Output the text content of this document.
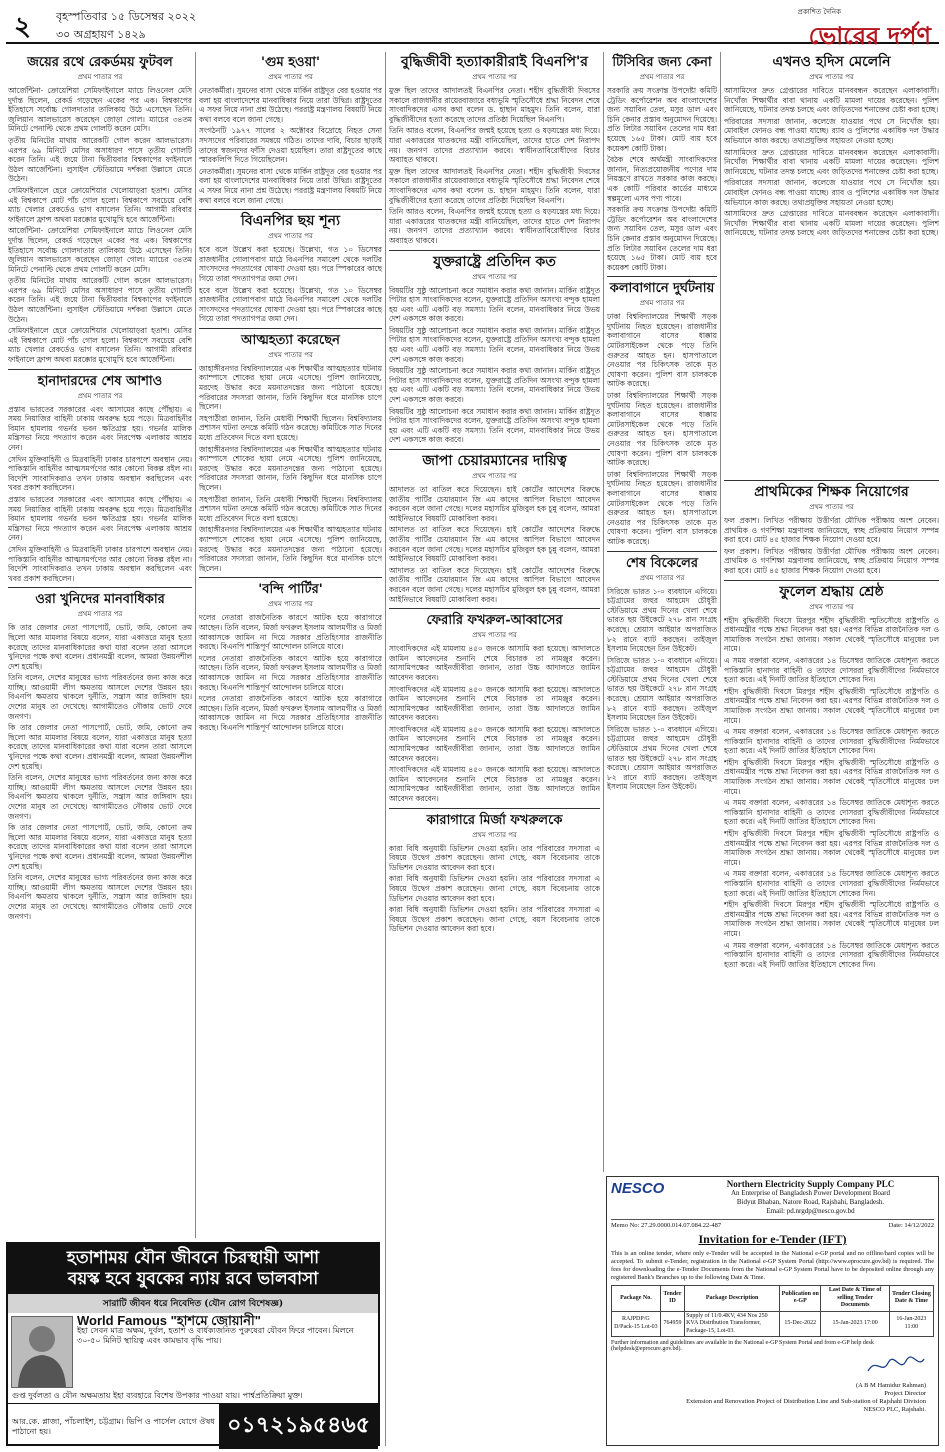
২ বৃহস্পতিবার ১৫ ডিসেম্বর ২০২২
৩০ অগ্রহায়ণ ১৪২৯
প্রকাশিত দৈনিক
ভোরের দর্পণ
জয়ের রথে রেকর্ডময় ফুটবল
প্রথম পাতার পর

আর্জেন্টিনা- ক্রোয়েশিয়া সেমিফাইনালে ম্যাচে লিওনেল মেসি দুর্দান্ত ছিলেন, রেকর্ড গড়েছেন একের পর এক। বিশ্বকাপের ইতিহাসে সর্বোচ্চ গোলদাতার তালিকায় উঠে এসেছেন তিনি। জুলিয়ান আলভারেস করেছেন জোড়া গোল। ম্যাচের ৩৪তম মিনিটে পেনাল্টি থেকে প্রথম গোলটি করেন মেসি।

তৃতীয় মিনিটের মাথায় আরেকটি গোল করেন আলভারেস। এরপর ৬৯ মিনিটে মেসির অসাধারণ পাসে তৃতীয় গোলটি করেন তিনি। এই জয়ে টানা দ্বিতীয়বার বিশ্বকাপের ফাইনালে উঠল আর্জেন্টিনা। লুসাইল স্টেডিয়ামে দর্শকরা উল্লাসে মেতে উঠেন।

সেমিফাইনালে হেরে ক্রোয়েশিয়ার খেলোয়াড়রা হতাশ। মেসির এই বিশ্বকাপে মোট পাঁচ গোল হলো। বিশ্বকাপে সবচেয়ে বেশি ম্যাচ খেলার রেকর্ডেও ভাগ বসালেন তিনি। আগামী রবিবার ফাইনালে ফ্রান্স অথবা মরক্কোর মুখোমুখি হবে আর্জেন্টিনা।

আর্জেন্টিনা- ক্রোয়েশিয়া সেমিফাইনালে ম্যাচে লিওনেল মেসি দুর্দান্ত ছিলেন, রেকর্ড গড়েছেন একের পর এক। বিশ্বকাপের ইতিহাসে সর্বোচ্চ গোলদাতার তালিকায় উঠে এসেছেন তিনি। জুলিয়ান আলভারেস করেছেন জোড়া গোল। ম্যাচের ৩৪তম মিনিটে পেনাল্টি থেকে প্রথম গোলটি করেন মেসি।

তৃতীয় মিনিটের মাথায় আরেকটি গোল করেন আলভারেস। এরপর ৬৯ মিনিটে মেসির অসাধারণ পাসে তৃতীয় গোলটি করেন তিনি। এই জয়ে টানা দ্বিতীয়বার বিশ্বকাপের ফাইনালে উঠল আর্জেন্টিনা। লুসাইল স্টেডিয়ামে দর্শকরা উল্লাসে মেতে উঠেন।

সেমিফাইনালে হেরে ক্রোয়েশিয়ার খেলোয়াড়রা হতাশ। মেসির এই বিশ্বকাপে মোট পাঁচ গোল হলো। বিশ্বকাপে সবচেয়ে বেশি ম্যাচ খেলার রেকর্ডেও ভাগ বসালেন তিনি। আগামী রবিবার ফাইনালে ফ্রান্স অথবা মরক্কোর মুখোমুখি হবে আর্জেন্টিনা।

হানাদারদের শেষ আশাও
প্রথম পাতার পর

প্রস্তাব ভারতের সরকারের এবং আসামের কাছে পৌঁছায়। এ সময় নিয়াজির বাহিনী ঢাকায় অবরুদ্ধ হয়ে পড়ে। মিত্রবাহিনীর বিমান হামলায় গভর্নর ভবন ক্ষতিগ্রস্ত হয়। গভর্নর মালিক মন্ত্রিসভা নিয়ে পদত্যাগ করেন এবং নিরপেক্ষ এলাকায় আশ্রয় নেন।

সেদিন মুক্তিবাহিনী ও মিত্রবাহিনী ঢাকার চারপাশে অবস্থান নেয়। পাকিস্তানি বাহিনীর আত্মসমর্পণের আর কোনো বিকল্প রইল না। বিদেশি সাংবাদিকরাও তখন ঢাকায় অবস্থান করছিলেন এবং খবর প্রকাশ করছিলেন।

প্রস্তাব ভারতের সরকারের এবং আসামের কাছে পৌঁছায়। এ সময় নিয়াজির বাহিনী ঢাকায় অবরুদ্ধ হয়ে পড়ে। মিত্রবাহিনীর বিমান হামলায় গভর্নর ভবন ক্ষতিগ্রস্ত হয়। গভর্নর মালিক মন্ত্রিসভা নিয়ে পদত্যাগ করেন এবং নিরপেক্ষ এলাকায় আশ্রয় নেন।

সেদিন মুক্তিবাহিনী ও মিত্রবাহিনী ঢাকার চারপাশে অবস্থান নেয়। পাকিস্তানি বাহিনীর আত্মসমর্পণের আর কোনো বিকল্প রইল না। বিদেশি সাংবাদিকরাও তখন ঢাকায় অবস্থান করছিলেন এবং খবর প্রকাশ করছিলেন।

ওরা খুনিদের মানবাধিকার
প্রথম পাতার পর

কি তার জেলার নেতা পাসপোর্ট, ভোট, জমি, কোনো ক্রম ছিলো আর মামলার বিষয়ে বলেন, যারা একাত্তরে মানুষ হত্যা করেছে তাদের মানবাধিকারের কথা যারা বলেন তারা আসলে খুনিদের পক্ষে কথা বলেন। প্রধানমন্ত্রী বলেন, আমরা উন্নয়নশীল দেশ হয়েছি।

তিনি বলেন, দেশের মানুষের ভাগ্য পরিবর্তনের জন্য কাজ করে যাচ্ছি। আওয়ামী লীগ ক্ষমতায় আসলে দেশের উন্নয়ন হয়। বিএনপি ক্ষমতায় থাকলে দুর্নীতি, সন্ত্রাস আর জঙ্গিবাদ হয়। দেশের মানুষ তা দেখেছে। আগামীতেও নৌকায় ভোট দেবে জনগণ।

কি তার জেলার নেতা পাসপোর্ট, ভোট, জমি, কোনো ক্রম ছিলো আর মামলার বিষয়ে বলেন, যারা একাত্তরে মানুষ হত্যা করেছে তাদের মানবাধিকারের কথা যারা বলেন তারা আসলে খুনিদের পক্ষে কথা বলেন। প্রধানমন্ত্রী বলেন, আমরা উন্নয়নশীল দেশ হয়েছি।

তিনি বলেন, দেশের মানুষের ভাগ্য পরিবর্তনের জন্য কাজ করে যাচ্ছি। আওয়ামী লীগ ক্ষমতায় আসলে দেশের উন্নয়ন হয়। বিএনপি ক্ষমতায় থাকলে দুর্নীতি, সন্ত্রাস আর জঙ্গিবাদ হয়। দেশের মানুষ তা দেখেছে। আগামীতেও নৌকায় ভোট দেবে জনগণ।

কি তার জেলার নেতা পাসপোর্ট, ভোট, জমি, কোনো ক্রম ছিলো আর মামলার বিষয়ে বলেন, যারা একাত্তরে মানুষ হত্যা করেছে তাদের মানবাধিকারের কথা যারা বলেন তারা আসলে খুনিদের পক্ষে কথা বলেন। প্রধানমন্ত্রী বলেন, আমরা উন্নয়নশীল দেশ হয়েছি।

তিনি বলেন, দেশের মানুষের ভাগ্য পরিবর্তনের জন্য কাজ করে যাচ্ছি। আওয়ামী লীগ ক্ষমতায় আসলে দেশের উন্নয়ন হয়। বিএনপি ক্ষমতায় থাকলে দুর্নীতি, সন্ত্রাস আর জঙ্গিবাদ হয়। দেশের মানুষ তা দেখেছে। আগামীতেও নৌকায় ভোট দেবে জনগণ।

'গুম হওয়া'
প্রথম পাতার পর

নেতাকর্মীরা। সুমনের বাসা থেকে মার্কিন রাষ্ট্রদূত বের হওয়ার পর বলা হয় বাংলাদেশের মানবাধিকার নিয়ে তারা উদ্বিগ্ন। রাষ্ট্রদূতের এ সফর নিয়ে নানা প্রশ্ন উঠেছে। পররাষ্ট্র মন্ত্রণালয় বিষয়টি নিয়ে কথা বলবে বলে জানা গেছে।

সংগঠনটি ১৯৭৭ সালের ২ অক্টোবর বিদ্রোহে নিহত সেনা সদস্যদের পরিবারের সমন্বয়ে গঠিত। তাদের দাবি, বিচার ছাড়াই তাদের স্বজনদের ফাঁসি দেওয়া হয়েছিল। তারা রাষ্ট্রদূতের কাছে স্মারকলিপি দিতে গিয়েছিলেন।

নেতাকর্মীরা। সুমনের বাসা থেকে মার্কিন রাষ্ট্রদূত বের হওয়ার পর বলা হয় বাংলাদেশের মানবাধিকার নিয়ে তারা উদ্বিগ্ন। রাষ্ট্রদূতের এ সফর নিয়ে নানা প্রশ্ন উঠেছে। পররাষ্ট্র মন্ত্রণালয় বিষয়টি নিয়ে কথা বলবে বলে জানা গেছে।

বিএনপির ছয় শূন্য
প্রথম পাতার পর

হবে বলে উল্লেখ করা হয়েছে। উল্লেখ্য, গত ১০ ডিসেম্বর রাজধানীর গোলাপবাগ মাঠে বিএনপির সমাবেশ থেকে দলটির সাংসদদের পদত্যাগের ঘোষণা দেওয়া হয়। পরে স্পিকারের কাছে গিয়ে তারা পদত্যাগপত্র জমা দেন।

হবে বলে উল্লেখ করা হয়েছে। উল্লেখ্য, গত ১০ ডিসেম্বর রাজধানীর গোলাপবাগ মাঠে বিএনপির সমাবেশ থেকে দলটির সাংসদদের পদত্যাগের ঘোষণা দেওয়া হয়। পরে স্পিকারের কাছে গিয়ে তারা পদত্যাগপত্র জমা দেন।

আত্মহত্যা করেছেন
প্রথম পাতার পর

জাহাঙ্গীরনগর বিশ্ববিদ্যালয়ের এক শিক্ষার্থীর আত্মহত্যার ঘটনায় ক্যাম্পাসে শোকের ছায়া নেমে এসেছে। পুলিশ জানিয়েছে, মরদেহ উদ্ধার করে ময়নাতদন্তের জন্য পাঠানো হয়েছে। পরিবারের সদস্যরা জানান, তিনি কিছুদিন ধরে মানসিক চাপে ছিলেন।

সহপাঠীরা জানান, তিনি মেধাবী শিক্ষার্থী ছিলেন। বিশ্ববিদ্যালয় প্রশাসন ঘটনা তদন্তে কমিটি গঠন করেছে। কমিটিকে সাত দিনের মধ্যে প্রতিবেদন দিতে বলা হয়েছে।

জাহাঙ্গীরনগর বিশ্ববিদ্যালয়ের এক শিক্ষার্থীর আত্মহত্যার ঘটনায় ক্যাম্পাসে শোকের ছায়া নেমে এসেছে। পুলিশ জানিয়েছে, মরদেহ উদ্ধার করে ময়নাতদন্তের জন্য পাঠানো হয়েছে। পরিবারের সদস্যরা জানান, তিনি কিছুদিন ধরে মানসিক চাপে ছিলেন।

সহপাঠীরা জানান, তিনি মেধাবী শিক্ষার্থী ছিলেন। বিশ্ববিদ্যালয় প্রশাসন ঘটনা তদন্তে কমিটি গঠন করেছে। কমিটিকে সাত দিনের মধ্যে প্রতিবেদন দিতে বলা হয়েছে।

জাহাঙ্গীরনগর বিশ্ববিদ্যালয়ের এক শিক্ষার্থীর আত্মহত্যার ঘটনায় ক্যাম্পাসে শোকের ছায়া নেমে এসেছে। পুলিশ জানিয়েছে, মরদেহ উদ্ধার করে ময়নাতদন্তের জন্য পাঠানো হয়েছে। পরিবারের সদস্যরা জানান, তিনি কিছুদিন ধরে মানসিক চাপে ছিলেন।

'বন্দি পার্টির'
প্রথম পাতার পর

দলের নেতারা রাজনৈতিক কারণে আটক হয়ে কারাগারে আছেন। তিনি বলেন, মির্জা ফখরুল ইসলাম আলমগীর ও মির্জা আব্বাসকে জামিন না দিয়ে সরকার প্রতিহিংসার রাজনীতি করছে। বিএনপি শান্তিপূর্ণ আন্দোলন চালিয়ে যাবে।

দলের নেতারা রাজনৈতিক কারণে আটক হয়ে কারাগারে আছেন। তিনি বলেন, মির্জা ফখরুল ইসলাম আলমগীর ও মির্জা আব্বাসকে জামিন না দিয়ে সরকার প্রতিহিংসার রাজনীতি করছে। বিএনপি শান্তিপূর্ণ আন্দোলন চালিয়ে যাবে।

দলের নেতারা রাজনৈতিক কারণে আটক হয়ে কারাগারে আছেন। তিনি বলেন, মির্জা ফখরুল ইসলাম আলমগীর ও মির্জা আব্বাসকে জামিন না দিয়ে সরকার প্রতিহিংসার রাজনীতি করছে। বিএনপি শান্তিপূর্ণ আন্দোলন চালিয়ে যাবে।

বুদ্ধিজীবী হত্যাকারীরাই বিএনপি'র
প্রথম পাতার পর

মুক্ত ছিল তাদের আদালতই বিএনপির নেতা। শহীদ বুদ্ধিজীবী দিবসের সকালে রাজধানীর রায়েরবাজারে বধ্যভূমি স্মৃতিসৌধে শ্রদ্ধা নিবেদন শেষে সাংবাদিকদের এসব কথা বলেন ড. হাছান মাহমুদ। তিনি বলেন, যারা বুদ্ধিজীবীদের হত্যা করেছে তাদের প্রতিষ্ঠা দিয়েছিল বিএনপি।

তিনি আরও বলেন, বিএনপির জন্মই হয়েছে হত্যা ও ষড়যন্ত্রের মধ্য দিয়ে। যারা একাত্তরের ঘাতকদের মন্ত্রী বানিয়েছিল, তাদের হাতে দেশ নিরাপদ নয়। জনগণ তাদের প্রত্যাখ্যান করবে। স্বাধীনতাবিরোধীদের বিচার অব্যাহত থাকবে।

মুক্ত ছিল তাদের আদালতই বিএনপির নেতা। শহীদ বুদ্ধিজীবী দিবসের সকালে রাজধানীর রায়েরবাজারে বধ্যভূমি স্মৃতিসৌধে শ্রদ্ধা নিবেদন শেষে সাংবাদিকদের এসব কথা বলেন ড. হাছান মাহমুদ। তিনি বলেন, যারা বুদ্ধিজীবীদের হত্যা করেছে তাদের প্রতিষ্ঠা দিয়েছিল বিএনপি।

তিনি আরও বলেন, বিএনপির জন্মই হয়েছে হত্যা ও ষড়যন্ত্রের মধ্য দিয়ে। যারা একাত্তরের ঘাতকদের মন্ত্রী বানিয়েছিল, তাদের হাতে দেশ নিরাপদ নয়। জনগণ তাদের প্রত্যাখ্যান করবে। স্বাধীনতাবিরোধীদের বিচার অব্যাহত থাকবে।

যুক্তরাষ্ট্রে প্রতিদিন কত
প্রথম পাতার পর

বিষয়টির সুষ্ঠু আলোচনা করে সমাধান করার কথা জানান। মার্কিন রাষ্ট্রদূত পিটার হাস সাংবাদিকদের বলেন, যুক্তরাষ্ট্রে প্রতিদিন অসংখ্য বন্দুক হামলা হয় এবং এটি একটি বড় সমস্যা। তিনি বলেন, মানবাধিকার নিয়ে উভয় দেশ একসঙ্গে কাজ করবে।

বিষয়টির সুষ্ঠু আলোচনা করে সমাধান করার কথা জানান। মার্কিন রাষ্ট্রদূত পিটার হাস সাংবাদিকদের বলেন, যুক্তরাষ্ট্রে প্রতিদিন অসংখ্য বন্দুক হামলা হয় এবং এটি একটি বড় সমস্যা। তিনি বলেন, মানবাধিকার নিয়ে উভয় দেশ একসঙ্গে কাজ করবে।

বিষয়টির সুষ্ঠু আলোচনা করে সমাধান করার কথা জানান। মার্কিন রাষ্ট্রদূত পিটার হাস সাংবাদিকদের বলেন, যুক্তরাষ্ট্রে প্রতিদিন অসংখ্য বন্দুক হামলা হয় এবং এটি একটি বড় সমস্যা। তিনি বলেন, মানবাধিকার নিয়ে উভয় দেশ একসঙ্গে কাজ করবে।

বিষয়টির সুষ্ঠু আলোচনা করে সমাধান করার কথা জানান। মার্কিন রাষ্ট্রদূত পিটার হাস সাংবাদিকদের বলেন, যুক্তরাষ্ট্রে প্রতিদিন অসংখ্য বন্দুক হামলা হয় এবং এটি একটি বড় সমস্যা। তিনি বলেন, মানবাধিকার নিয়ে উভয় দেশ একসঙ্গে কাজ করবে।

জাপা চেয়ারম্যানের দায়িত্ব
প্রথম পাতার পর

আদালত তা বাতিল করে দিয়েছেন। হাই কোর্টের আদেশের বিরুদ্ধে জাতীয় পার্টির চেয়ারম্যান জি এম কাদের আপিল বিভাগে আবেদন করবেন বলে জানা গেছে। দলের মহাসচিব মুজিবুল হক চুন্নু বলেন, আমরা আইনিভাবে বিষয়টি মোকাবিলা করব।

আদালত তা বাতিল করে দিয়েছেন। হাই কোর্টের আদেশের বিরুদ্ধে জাতীয় পার্টির চেয়ারম্যান জি এম কাদের আপিল বিভাগে আবেদন করবেন বলে জানা গেছে। দলের মহাসচিব মুজিবুল হক চুন্নু বলেন, আমরা আইনিভাবে বিষয়টি মোকাবিলা করব।

আদালত তা বাতিল করে দিয়েছেন। হাই কোর্টের আদেশের বিরুদ্ধে জাতীয় পার্টির চেয়ারম্যান জি এম কাদের আপিল বিভাগে আবেদন করবেন বলে জানা গেছে। দলের মহাসচিব মুজিবুল হক চুন্নু বলেন, আমরা আইনিভাবে বিষয়টি মোকাবিলা করব।

ফেরারি ফখরুল-আব্বাসের
প্রথম পাতার পর

সাংবাদিকদের এই মামলায় ৪৫০ জনকে আসামি করা হয়েছে। আদালতে জামিন আবেদনের শুনানি শেষে বিচারক তা নামঞ্জুর করেন। আসামিপক্ষের আইনজীবীরা জানান, তারা উচ্চ আদালতে জামিন আবেদন করবেন।

সাংবাদিকদের এই মামলায় ৪৫০ জনকে আসামি করা হয়েছে। আদালতে জামিন আবেদনের শুনানি শেষে বিচারক তা নামঞ্জুর করেন। আসামিপক্ষের আইনজীবীরা জানান, তারা উচ্চ আদালতে জামিন আবেদন করবেন।

সাংবাদিকদের এই মামলায় ৪৫০ জনকে আসামি করা হয়েছে। আদালতে জামিন আবেদনের শুনানি শেষে বিচারক তা নামঞ্জুর করেন। আসামিপক্ষের আইনজীবীরা জানান, তারা উচ্চ আদালতে জামিন আবেদন করবেন।

সাংবাদিকদের এই মামলায় ৪৫০ জনকে আসামি করা হয়েছে। আদালতে জামিন আবেদনের শুনানি শেষে বিচারক তা নামঞ্জুর করেন। আসামিপক্ষের আইনজীবীরা জানান, তারা উচ্চ আদালতে জামিন আবেদন করবেন।

কারাগারে মির্জা ফখরুলকে
প্রথম পাতার পর

কারা বিধি অনুযায়ী ডিভিশন দেওয়া হয়নি। তার পরিবারের সদস্যরা এ বিষয়ে উদ্বেগ প্রকাশ করেছেন। জানা গেছে, বয়স বিবেচনায় তাকে ডিভিশন দেওয়ার আবেদন করা হবে।

কারা বিধি অনুযায়ী ডিভিশন দেওয়া হয়নি। তার পরিবারের সদস্যরা এ বিষয়ে উদ্বেগ প্রকাশ করেছেন। জানা গেছে, বয়স বিবেচনায় তাকে ডিভিশন দেওয়ার আবেদন করা হবে।

কারা বিধি অনুযায়ী ডিভিশন দেওয়া হয়নি। তার পরিবারের সদস্যরা এ বিষয়ে উদ্বেগ প্রকাশ করেছেন। জানা গেছে, বয়স বিবেচনায় তাকে ডিভিশন দেওয়ার আবেদন করা হবে।

টিসিবির জন্য কেনা
প্রথম পাতার পর

সরকারি ক্রয় সংক্রান্ত উপদেষ্টা কমিটি ট্রেডিং কর্পোরেশন অব বাংলাদেশের জন্য সয়াবিন তেল, মসুর ডাল এবং চিনি কেনার প্রস্তাব অনুমোদন দিয়েছে। প্রতি লিটার সয়াবিন তেলের দাম ধরা হয়েছে ১৬৫ টাকা। মোট ব্যয় হবে কয়েকশ কোটি টাকা।

বৈঠক শেষে অর্থমন্ত্রী সাংবাদিকদের জানান, নিত্যপ্রয়োজনীয় পণ্যের দাম নিয়ন্ত্রণে রাখতে সরকার কাজ করছে। এক কোটি পরিবার কার্ডের মাধ্যমে স্বল্পমূল্যে এসব পণ্য পাবে।

সরকারি ক্রয় সংক্রান্ত উপদেষ্টা কমিটি ট্রেডিং কর্পোরেশন অব বাংলাদেশের জন্য সয়াবিন তেল, মসুর ডাল এবং চিনি কেনার প্রস্তাব অনুমোদন দিয়েছে। প্রতি লিটার সয়াবিন তেলের দাম ধরা হয়েছে ১৬৫ টাকা। মোট ব্যয় হবে কয়েকশ কোটি টাকা।

কলাবাগানে দুর্ঘটনায়
প্রথম পাতার পর

ঢাকা বিশ্ববিদ্যালয়ের শিক্ষার্থী সড়ক দুর্ঘটনায় নিহত হয়েছেন। রাজধানীর কলাবাগানে বাসের ধাক্কায় মোটরসাইকেল থেকে পড়ে তিনি গুরুতর আহত হন। হাসপাতালে নেওয়ার পর চিকিৎসক তাকে মৃত ঘোষণা করেন। পুলিশ বাস চালককে আটক করেছে।

ঢাকা বিশ্ববিদ্যালয়ের শিক্ষার্থী সড়ক দুর্ঘটনায় নিহত হয়েছেন। রাজধানীর কলাবাগানে বাসের ধাক্কায় মোটরসাইকেল থেকে পড়ে তিনি গুরুতর আহত হন। হাসপাতালে নেওয়ার পর চিকিৎসক তাকে মৃত ঘোষণা করেন। পুলিশ বাস চালককে আটক করেছে।

ঢাকা বিশ্ববিদ্যালয়ের শিক্ষার্থী সড়ক দুর্ঘটনায় নিহত হয়েছেন। রাজধানীর কলাবাগানে বাসের ধাক্কায় মোটরসাইকেল থেকে পড়ে তিনি গুরুতর আহত হন। হাসপাতালে নেওয়ার পর চিকিৎসক তাকে মৃত ঘোষণা করেন। পুলিশ বাস চালককে আটক করেছে।

শেষ বিকেলের
প্রথম পাতার পর

সিরিজে ভারত ১-০ ব্যবধানে এগিয়ে। চট্টগ্রামের জহুর আহমেদ চৌধুরী স্টেডিয়ামে প্রথম দিনের খেলা শেষে ভারত ছয় উইকেটে ২৭৮ রান সংগ্রহ করেছে। শ্রেয়াস আইয়ার অপরাজিত ৮২ রানে ব্যাট করছেন। তাইজুল ইসলাম নিয়েছেন তিন উইকেট।

সিরিজে ভারত ১-০ ব্যবধানে এগিয়ে। চট্টগ্রামের জহুর আহমেদ চৌধুরী স্টেডিয়ামে প্রথম দিনের খেলা শেষে ভারত ছয় উইকেটে ২৭৮ রান সংগ্রহ করেছে। শ্রেয়াস আইয়ার অপরাজিত ৮২ রানে ব্যাট করছেন। তাইজুল ইসলাম নিয়েছেন তিন উইকেট।

সিরিজে ভারত ১-০ ব্যবধানে এগিয়ে। চট্টগ্রামের জহুর আহমেদ চৌধুরী স্টেডিয়ামে প্রথম দিনের খেলা শেষে ভারত ছয় উইকেটে ২৭৮ রান সংগ্রহ করেছে। শ্রেয়াস আইয়ার অপরাজিত ৮২ রানে ব্যাট করছেন। তাইজুল ইসলাম নিয়েছেন তিন উইকেট।

এখনও হদিস মেলেনি
প্রথম পাতার পর

আসামিদের দ্রুত গ্রেপ্তারের দাবিতে মানববন্ধন করেছেন এলাকাবাসী। নিখোঁজ শিক্ষার্থীর বাবা থানায় একটি মামলা দায়ের করেছেন। পুলিশ জানিয়েছে, ঘটনার তদন্ত চলছে এবং জড়িতদের শনাক্তের চেষ্টা করা হচ্ছে।

পরিবারের সদস্যরা জানান, কলেজে যাওয়ার পথে সে নিখোঁজ হয়। মোবাইল ফোনও বন্ধ পাওয়া যাচ্ছে। র‍্যাব ও পুলিশের একাধিক দল উদ্ধার অভিযানে কাজ করছে। তথ্যপ্রযুক্তির সহায়তা নেওয়া হচ্ছে।

আসামিদের দ্রুত গ্রেপ্তারের দাবিতে মানববন্ধন করেছেন এলাকাবাসী। নিখোঁজ শিক্ষার্থীর বাবা থানায় একটি মামলা দায়ের করেছেন। পুলিশ জানিয়েছে, ঘটনার তদন্ত চলছে এবং জড়িতদের শনাক্তের চেষ্টা করা হচ্ছে।

পরিবারের সদস্যরা জানান, কলেজে যাওয়ার পথে সে নিখোঁজ হয়। মোবাইল ফোনও বন্ধ পাওয়া যাচ্ছে। র‍্যাব ও পুলিশের একাধিক দল উদ্ধার অভিযানে কাজ করছে। তথ্যপ্রযুক্তির সহায়তা নেওয়া হচ্ছে।

আসামিদের দ্রুত গ্রেপ্তারের দাবিতে মানববন্ধন করেছেন এলাকাবাসী। নিখোঁজ শিক্ষার্থীর বাবা থানায় একটি মামলা দায়ের করেছেন। পুলিশ জানিয়েছে, ঘটনার তদন্ত চলছে এবং জড়িতদের শনাক্তের চেষ্টা করা হচ্ছে।

প্রাথমিকের শিক্ষক নিয়োগের
প্রথম পাতার পর

ফল প্রকাশ। লিখিত পরীক্ষায় উত্তীর্ণরা মৌখিক পরীক্ষায় অংশ নেবেন। প্রাথমিক ও গণশিক্ষা মন্ত্রণালয় জানিয়েছে, স্বচ্ছ প্রক্রিয়ায় নিয়োগ সম্পন্ন করা হবে। মোট ৪৫ হাজার শিক্ষক নিয়োগ দেওয়া হবে।

ফল প্রকাশ। লিখিত পরীক্ষায় উত্তীর্ণরা মৌখিক পরীক্ষায় অংশ নেবেন। প্রাথমিক ও গণশিক্ষা মন্ত্রণালয় জানিয়েছে, স্বচ্ছ প্রক্রিয়ায় নিয়োগ সম্পন্ন করা হবে। মোট ৪৫ হাজার শিক্ষক নিয়োগ দেওয়া হবে।

ফুলেল শ্রদ্ধায় শ্রেষ্ঠ
প্রথম পাতার পর

শহীদ বুদ্ধিজীবী দিবসে মিরপুর শহীদ বুদ্ধিজীবী স্মৃতিসৌধে রাষ্ট্রপতি ও প্রধানমন্ত্রীর পক্ষে শ্রদ্ধা নিবেদন করা হয়। এরপর বিভিন্ন রাজনৈতিক দল ও সামাজিক সংগঠন শ্রদ্ধা জানায়। সকাল থেকেই স্মৃতিসৌধে মানুষের ঢল নামে।

এ সময় বক্তারা বলেন, একাত্তরের ১৪ ডিসেম্বর জাতিকে মেধাশূন্য করতে পাকিস্তানি হানাদার বাহিনী ও তাদের দোসররা বুদ্ধিজীবীদের নির্মমভাবে হত্যা করে। এই দিনটি জাতির ইতিহাসে শোকের দিন।

শহীদ বুদ্ধিজীবী দিবসে মিরপুর শহীদ বুদ্ধিজীবী স্মৃতিসৌধে রাষ্ট্রপতি ও প্রধানমন্ত্রীর পক্ষে শ্রদ্ধা নিবেদন করা হয়। এরপর বিভিন্ন রাজনৈতিক দল ও সামাজিক সংগঠন শ্রদ্ধা জানায়। সকাল থেকেই স্মৃতিসৌধে মানুষের ঢল নামে।

এ সময় বক্তারা বলেন, একাত্তরের ১৪ ডিসেম্বর জাতিকে মেধাশূন্য করতে পাকিস্তানি হানাদার বাহিনী ও তাদের দোসররা বুদ্ধিজীবীদের নির্মমভাবে হত্যা করে। এই দিনটি জাতির ইতিহাসে শোকের দিন।

শহীদ বুদ্ধিজীবী দিবসে মিরপুর শহীদ বুদ্ধিজীবী স্মৃতিসৌধে রাষ্ট্রপতি ও প্রধানমন্ত্রীর পক্ষে শ্রদ্ধা নিবেদন করা হয়। এরপর বিভিন্ন রাজনৈতিক দল ও সামাজিক সংগঠন শ্রদ্ধা জানায়। সকাল থেকেই স্মৃতিসৌধে মানুষের ঢল নামে।

এ সময় বক্তারা বলেন, একাত্তরের ১৪ ডিসেম্বর জাতিকে মেধাশূন্য করতে পাকিস্তানি হানাদার বাহিনী ও তাদের দোসররা বুদ্ধিজীবীদের নির্মমভাবে হত্যা করে। এই দিনটি জাতির ইতিহাসে শোকের দিন।

শহীদ বুদ্ধিজীবী দিবসে মিরপুর শহীদ বুদ্ধিজীবী স্মৃতিসৌধে রাষ্ট্রপতি ও প্রধানমন্ত্রীর পক্ষে শ্রদ্ধা নিবেদন করা হয়। এরপর বিভিন্ন রাজনৈতিক দল ও সামাজিক সংগঠন শ্রদ্ধা জানায়। সকাল থেকেই স্মৃতিসৌধে মানুষের ঢল নামে।

এ সময় বক্তারা বলেন, একাত্তরের ১৪ ডিসেম্বর জাতিকে মেধাশূন্য করতে পাকিস্তানি হানাদার বাহিনী ও তাদের দোসররা বুদ্ধিজীবীদের নির্মমভাবে হত্যা করে। এই দিনটি জাতির ইতিহাসে শোকের দিন।

শহীদ বুদ্ধিজীবী দিবসে মিরপুর শহীদ বুদ্ধিজীবী স্মৃতিসৌধে রাষ্ট্রপতি ও প্রধানমন্ত্রীর পক্ষে শ্রদ্ধা নিবেদন করা হয়। এরপর বিভিন্ন রাজনৈতিক দল ও সামাজিক সংগঠন শ্রদ্ধা জানায়। সকাল থেকেই স্মৃতিসৌধে মানুষের ঢল নামে।

এ সময় বক্তারা বলেন, একাত্তরের ১৪ ডিসেম্বর জাতিকে মেধাশূন্য করতে পাকিস্তানি হানাদার বাহিনী ও তাদের দোসররা বুদ্ধিজীবীদের নির্মমভাবে হত্যা করে। এই দিনটি জাতির ইতিহাসে শোকের দিন।

হতাশাময় যৌন জীবনে চিরস্থায়ী আশা
বয়স্ক হবে যুবকের ন্যায় রবে ভালবাসা
সারাটি জীবন ধরে নিবেদিত (যৌন রোগ বিশেষজ্ঞ)
World Famous "হাশমে জোয়ানী"
ইহা সেবন মাত্র অক্ষম, দুর্বল, হতাশ ও বার্ধক্যজনিত পুরুষেরা যৌবন ফিরে পাবেন। মিলনে ৩০-৫০ মিনিট স্থায়িত্ব এবং কামভাব বৃদ্ধি পায়।
গুপ্ত দুর্বলতা ও যৌন অক্ষমতায় ইহা ব্যবহারে বিশেষ উপকার পাওয়া যায়। পার্শ্বপ্রতিক্রিয়া মুক্ত।
আর.কে. প্লাজা, পাঁচলাইশ, চট্টগ্রাম। ভিপি ও পার্সেল যোগে ঔষধ পাঠানো হয়।	০১৭২১৯৫৪৬৫
NESCO	Northern Electricity Supply Company PLC
An Enterprise of Bangladesh Power Development Board
Bidyut Bhaban, Natore Road, Rajshahi, Bangladesh.
Email: pd.nrgdp@nesco.gov.bd
Memo No: 27.29.0000.014.07.084.22-487	Date: 14/12/2022
Invitation for e-Tender (IFT)
This is an online tender, where only e-Tender will be accepted in the National e-GP portal and no offline/hard copies will be accepted. To submit e-Tender, registration in the National e-GP System Portal (http://www.eprocure.gov.bd) is required. The fees for downloading the e-Tender Documents from the National e-GP System Portal have to be deposited online through any registered Bank's Branches up to the following Date & Time.
Package No.	Tender ID	Package Description	Publication on e-GP	Last Date & Time of selling Tender Documents	Tender Closing Date & Time
RAJPDP/G D/Pack-15 Lot-03	764959	Supply of 11/0.4KV, 434 Nos 250 KVA Distribution Transformer, Package-15, Lot-03.	15-Dec-2022	15-Jan-2023 17:00	16-Jan-2023 11:00
Further information and guidelines are available in the National e-GP System Portal and from e-GP help desk (helpdesk@eprocure.gov.bd).
(A B M Hamidur Rahman)
Project Director
Extension and Renovation Project of Distribution Line and Sub-station of Rajshahi Division
NESCO PLC, Rajshahi.
